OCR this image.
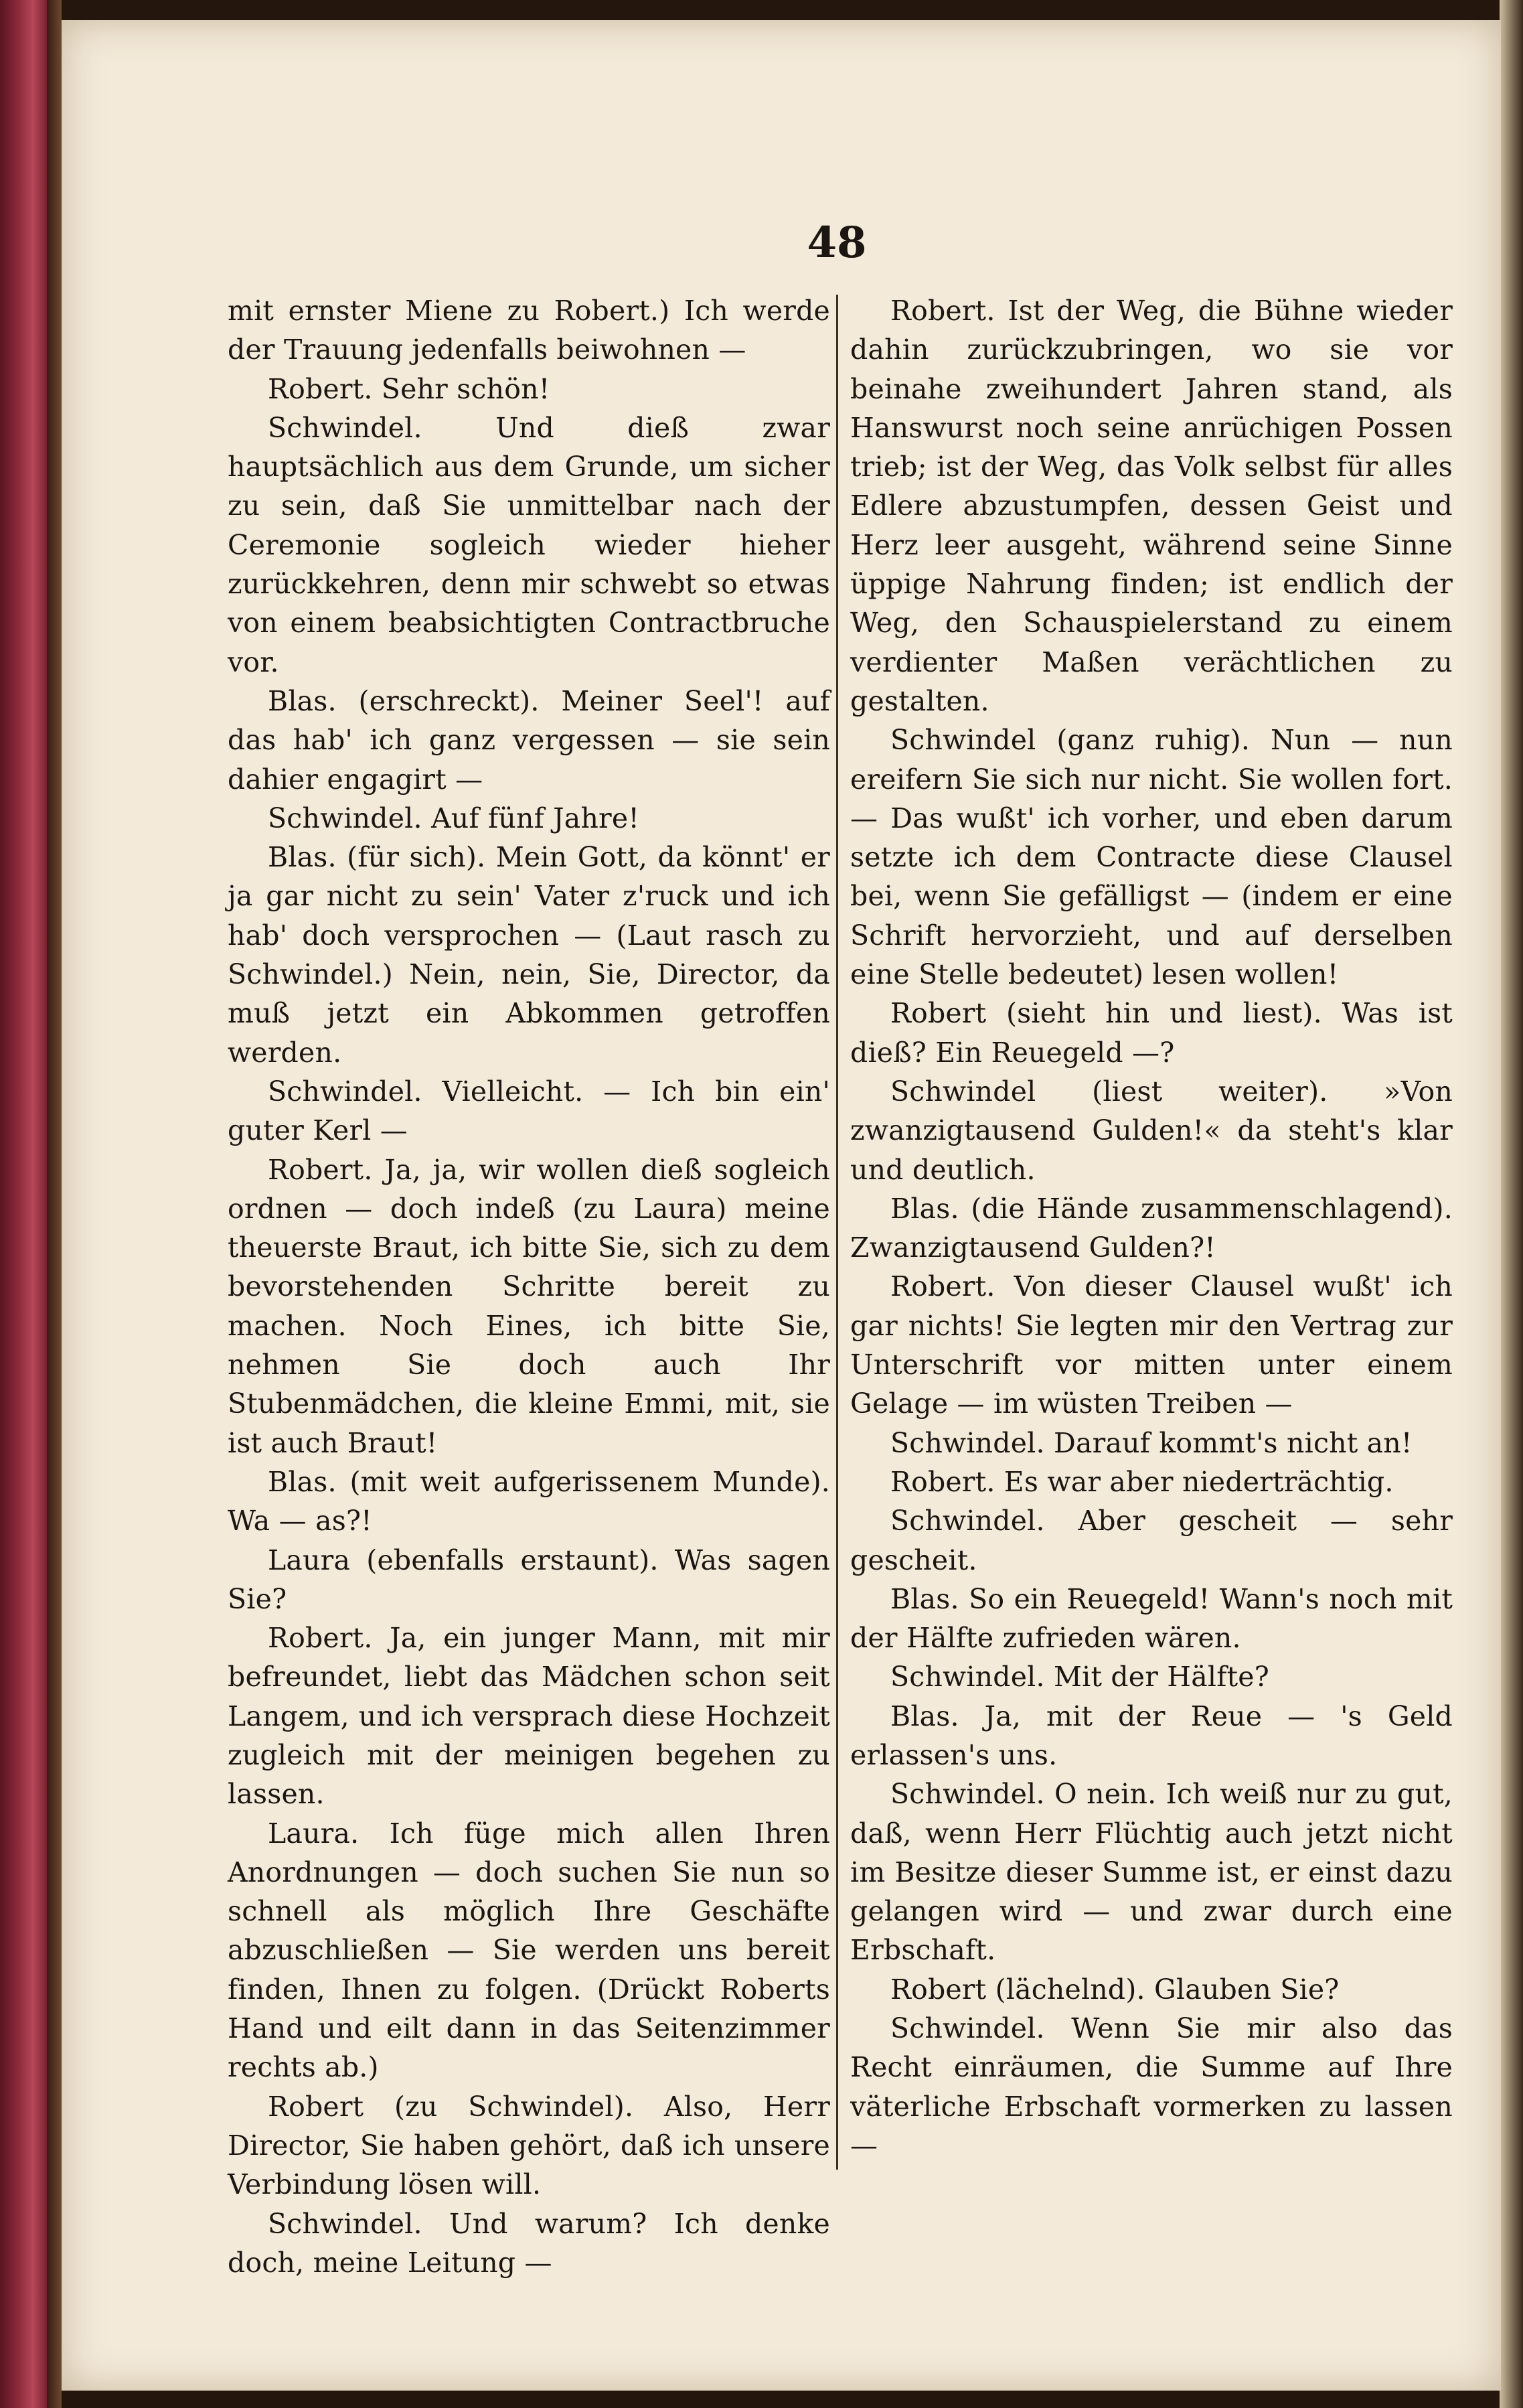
48

mit ernster Miene zu Robert.) Ich werde der Trauung jedenfalls beiwohnen —

Robert. Sehr schön!

Schwindel. Und dieß zwar hauptsächlich aus dem Grunde, um sicher zu sein, daß Sie unmittelbar nach der Ceremonie sogleich wieder hieher zurückkehren, denn mir schwebt so etwas von einem beabsichtigten Contractbruche vor.

Blas. (erschreckt). Meiner Seel'! auf das hab' ich ganz vergessen — sie sein dahier engagirt —

Schwindel. Auf fünf Jahre!

Blas. (für sich). Mein Gott, da könnt' er ja gar nicht zu sein' Vater z'ruck und ich hab' doch versprochen — (Laut rasch zu Schwindel.) Nein, nein, Sie, Director, da muß jetzt ein Abkommen getroffen werden.

Schwindel. Vielleicht. — Ich bin ein' guter Kerl —

Robert. Ja, ja, wir wollen dieß sogleich ordnen — doch indeß (zu Laura) meine theuerste Braut, ich bitte Sie, sich zu dem bevorstehenden Schritte bereit zu machen. Noch Eines, ich bitte Sie, nehmen Sie doch auch Ihr Stubenmädchen, die kleine Emmi, mit, sie ist auch Braut!

Blas. (mit weit aufgerissenem Munde). Wa — as?!

Laura (ebenfalls erstaunt). Was sagen Sie?

Robert. Ja, ein junger Mann, mit mir befreundet, liebt das Mädchen schon seit Langem, und ich versprach diese Hochzeit zugleich mit der meinigen begehen zu lassen.

Laura. Ich füge mich allen Ihren Anordnungen — doch suchen Sie nun so schnell als möglich Ihre Geschäfte abzuschließen — Sie werden uns bereit finden, Ihnen zu folgen. (Drückt Roberts Hand und eilt dann in das Seitenzimmer rechts ab.)

Robert (zu Schwindel). Also, Herr Director, Sie haben gehört, daß ich unsere Verbindung lösen will.

Schwindel. Und warum? Ich denke doch, meine Leitung —

Robert. Ist der Weg, die Bühne wieder dahin zurückzubringen, wo sie vor beinahe zweihundert Jahren stand, als Hanswurst noch seine anrüchigen Possen trieb; ist der Weg, das Volk selbst für alles Edlere abzustumpfen, dessen Geist und Herz leer ausgeht, während seine Sinne üppige Nahrung finden; ist endlich der Weg, den Schauspielerstand zu einem verdienter Maßen verächtlichen zu gestalten.

Schwindel (ganz ruhig). Nun — nun ereifern Sie sich nur nicht. Sie wollen fort. — Das wußt' ich vorher, und eben darum setzte ich dem Contracte diese Clausel bei, wenn Sie gefälligst — (indem er eine Schrift hervorzieht, und auf derselben eine Stelle bedeutet) lesen wollen!

Robert (sieht hin und liest). Was ist dieß? Ein Reuegeld —?

Schwindel (liest weiter). »Von zwanzigtausend Gulden!« da steht's klar und deutlich.

Blas. (die Hände zusammenschlagend). Zwanzigtausend Gulden?!

Robert. Von dieser Clausel wußt' ich gar nichts! Sie legten mir den Vertrag zur Unterschrift vor mitten unter einem Gelage — im wüsten Treiben —

Schwindel. Darauf kommt's nicht an!

Robert. Es war aber niederträchtig.

Schwindel. Aber gescheit — sehr gescheit.

Blas. So ein Reuegeld! Wann's noch mit der Hälfte zufrieden wären.

Schwindel. Mit der Hälfte?

Blas. Ja, mit der Reue — 's Geld erlassen's uns.

Schwindel. O nein. Ich weiß nur zu gut, daß, wenn Herr Flüchtig auch jetzt nicht im Besitze dieser Summe ist, er einst dazu gelangen wird — und zwar durch eine Erbschaft.

Robert (lächelnd). Glauben Sie?

Schwindel. Wenn Sie mir also das Recht einräumen, die Summe auf Ihre väterliche Erbschaft vormerken zu lassen —
